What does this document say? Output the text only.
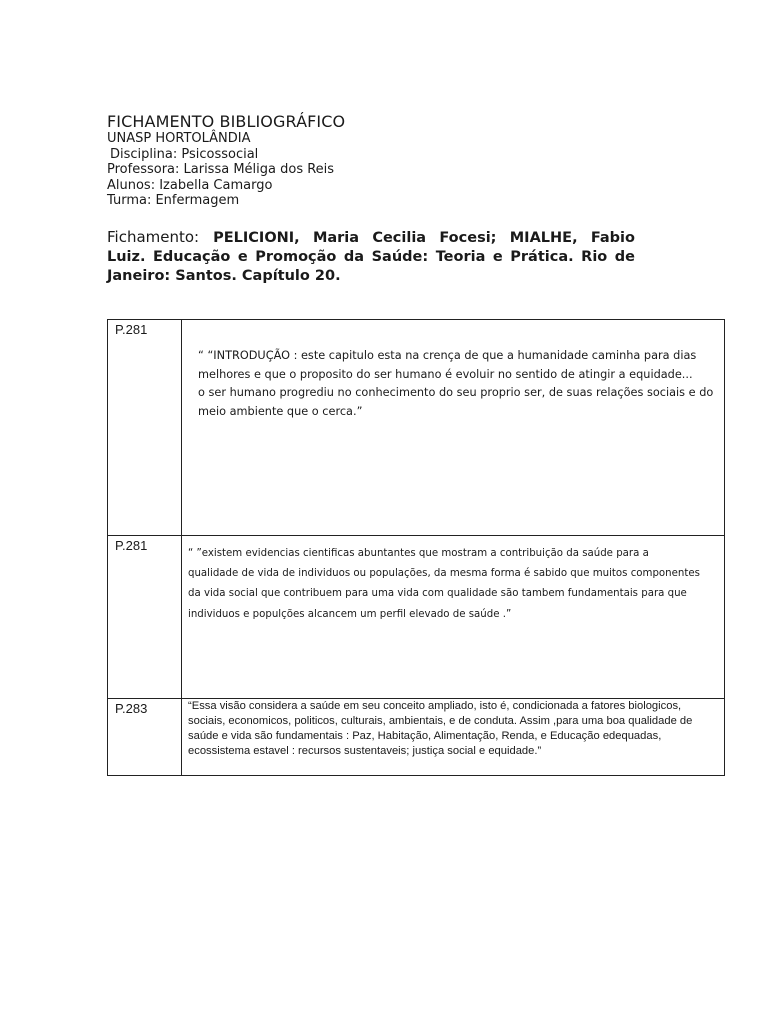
FICHAMENTO BIBLIOGRÁFICO
UNASP HORTOLÂNDIA
Disciplina: Psicossocial
Professora: Larissa Méliga dos Reis
Alunos: Izabella Camargo
Turma: Enfermagem
Fichamento: PELICIONI, Maria Cecilia Focesi; MIALHE, Fabio Luiz. Educação e Promoção da Saúde: Teoria e Prática. Rio de Janeiro: Santos. Capítulo 20.
P.281	“ “INTRODUÇÃO : este capitulo esta na crença de que a humanidade caminha para dias
melhores e que o proposito do ser humano é evoluir no sentido de atingir a equidade...
o ser humano progrediu no conhecimento do seu proprio ser, de suas relações sociais e do
meio ambiente que o cerca.”

P.281	“ ”existem evidencias cientificas abuntantes que mostram a contribuição da saúde para a
qualidade de vida de individuos ou populações, da mesma forma é sabido que muitos componentes
da vida social que contribuem para uma vida com qualidade são tambem fundamentais para que
individuos e populções alcancem um perfil elevado de saúde .”

P.283	“Essa visão considera a saúde em seu conceito ampliado, isto é, condicionada a fatores biologicos,
sociais, economicos, politicos, culturais, ambientais, e de conduta. Assim ,para uma boa qualidade de
saúde e vida são fundamentais : Paz, Habitação, Alimentação, Renda, e Educação edequadas,
ecossistema estavel : recursos sustentaveis; justiça social e equidade.”
